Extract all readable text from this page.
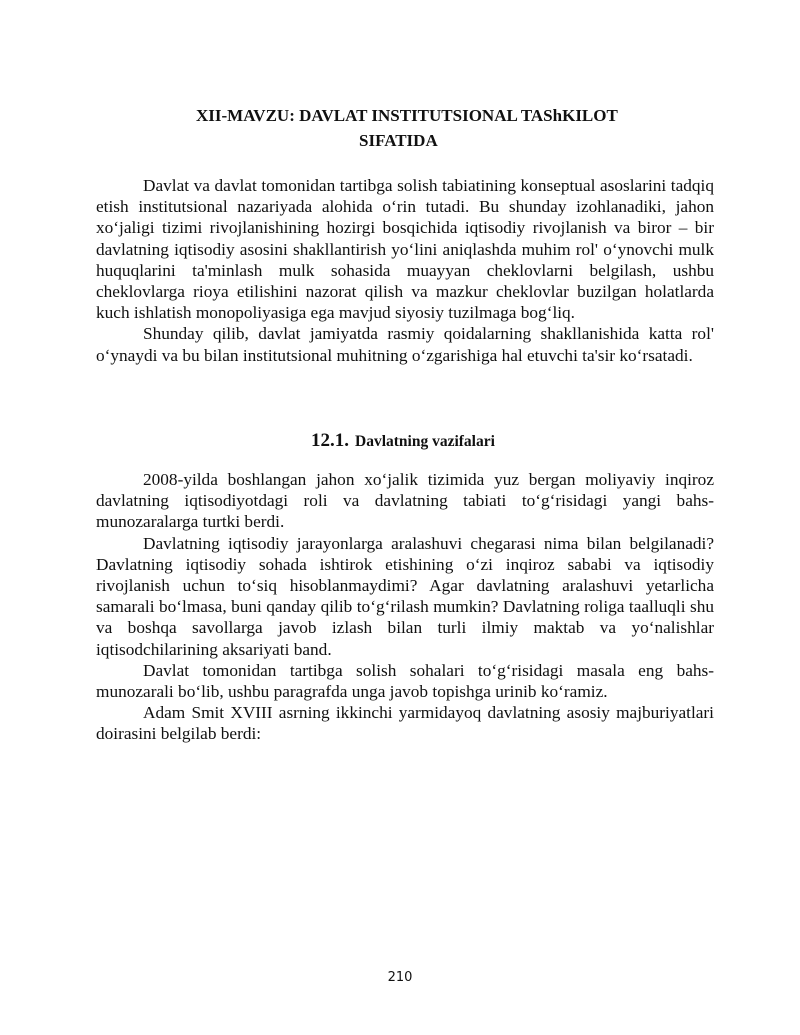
XII-MAVZU: DAVLAT INSTITUTSIONAL TAShKILOT
SIFATIDA

Davlat va davlat tomonidan tartibga solish tabiatining konseptual asoslarini tadqiq etish institutsional nazariyada alohida o‘rin tutadi. Bu shunday izohlanadiki, jahon xo‘jaligi tizimi rivojlanishining hozirgi bosqichida iqtisodiy rivojlanish va biror – bir davlatning iqtisodiy asosini shakllantirish yo‘lini aniqlashda muhim rol' o‘ynovchi mulk huquqlarini ta'minlash mulk sohasida muayyan cheklovlarni belgilash, ushbu cheklovlarga rioya etilishini nazorat qilish va mazkur cheklovlar buzilgan holatlarda kuch ishlatish monopoliyasiga ega mavjud siyosiy tuzilmaga bog‘liq.

Shunday qilib, davlat jamiyatda rasmiy qoidalarning shakllanishida katta rol' o‘ynaydi va bu bilan institutsional muhitning o‘zgarishiga hal etuvchi ta'sir ko‘rsatadi.

12.1. Davlatning vazifalari

2008-yilda boshlangan jahon xo‘jalik tizimida yuz bergan moliyaviy inqiroz davlatning iqtisodiyotdagi roli va davlatning tabiati to‘g‘risidagi yangi bahs-munozaralarga turtki berdi.

Davlatning iqtisodiy jarayonlarga aralashuvi chegarasi nima bilan belgilanadi? Davlatning iqtisodiy sohada ishtirok etishining o‘zi inqiroz sababi va iqtisodiy rivojlanish uchun to‘siq hisoblanmaydimi? Agar davlatning aralashuvi yetarlicha samarali bo‘lmasa, buni qanday qilib to‘g‘rilash mumkin? Davlatning roliga taalluqli shu va boshqa savollarga javob izlash bilan turli ilmiy maktab va yo‘nalishlar iqtisodchilarining aksariyati band.

Davlat tomonidan tartibga solish sohalari to‘g‘risidagi masala eng bahs-munozarali bo‘lib, ushbu paragrafda unga javob topishga urinib ko‘ramiz.

Adam Smit XVIII asrning ikkinchi yarmidayoq davlatning asosiy majburiyatlari doirasini belgilab berdi:

210
